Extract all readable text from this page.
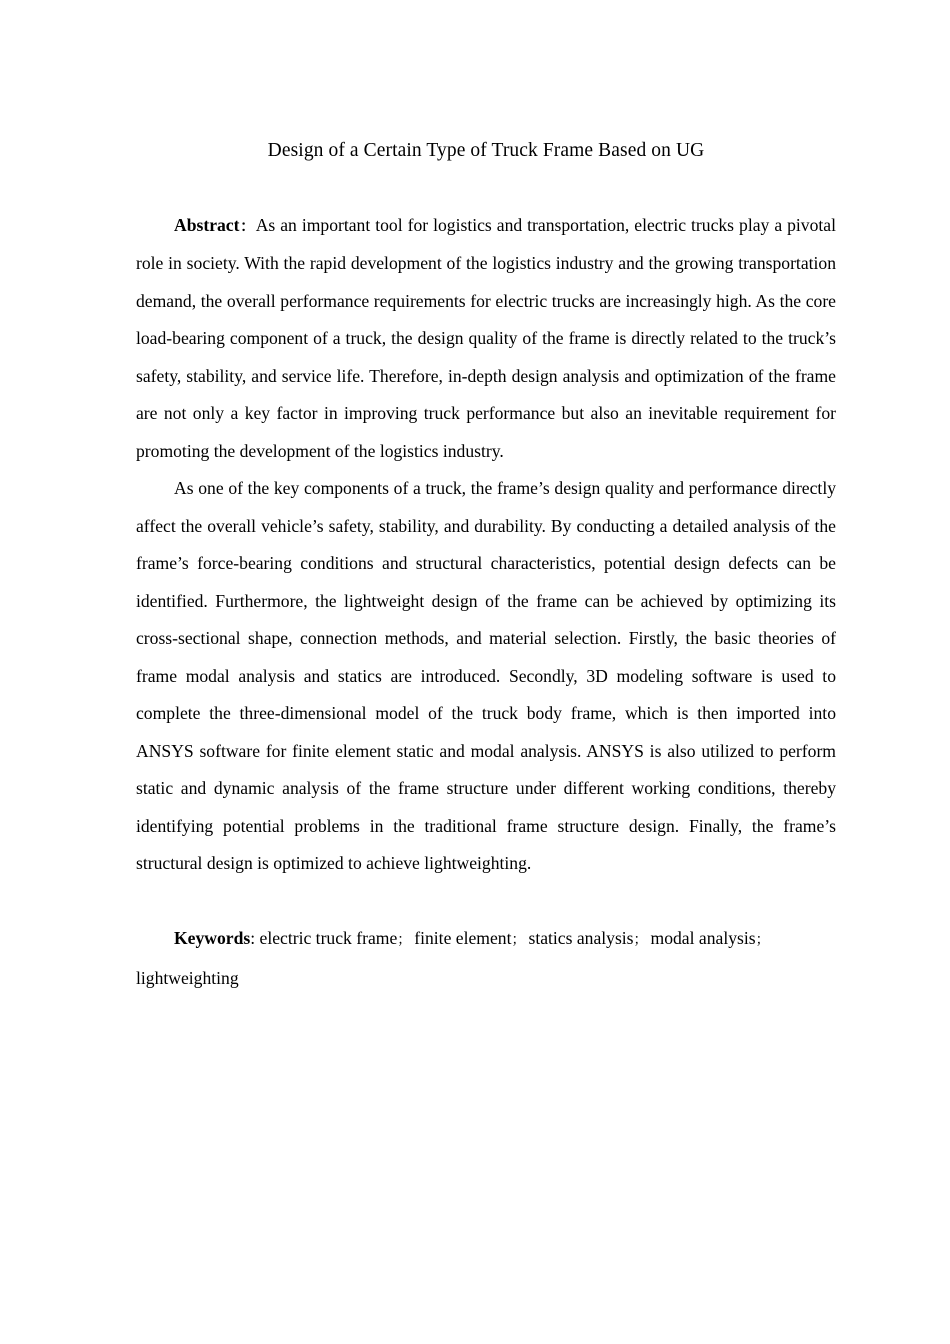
Design of a Certain Type of Truck Frame Based on UG

Abstract：As an important tool for logistics and transportation, electric trucks play a pivotal role in society. With the rapid development of the logistics industry and the growing transportation demand, the overall performance requirements for electric trucks are increasingly high. As the core load-bearing component of a truck, the design quality of the frame is directly related to the truck’s safety, stability, and service life. Therefore, in-depth design analysis and optimization of the frame are not only a key factor in improving truck performance but also an inevitable requirement for promoting the development of the logistics industry.

As one of the key components of a truck, the frame’s design quality and performance directly affect the overall vehicle’s safety, stability, and durability. By conducting a detailed analysis of the frame’s force-bearing conditions and structural characteristics, potential design defects can be identified. Furthermore, the lightweight design of the frame can be achieved by optimizing its cross-sectional shape, connection methods, and material selection. Firstly, the basic theories of frame modal analysis and statics are introduced. Secondly, 3D modeling software is used to complete the three-dimensional model of the truck body frame, which is then imported into ANSYS software for finite element static and modal analysis. ANSYS is also utilized to perform static and dynamic analysis of the frame structure under different working conditions, thereby identifying potential problems in the traditional frame structure design. Finally, the frame’s structural design is optimized to achieve lightweighting.

Keywords: electric truck frame； finite element； statics analysis； modal analysis；lightweighting
